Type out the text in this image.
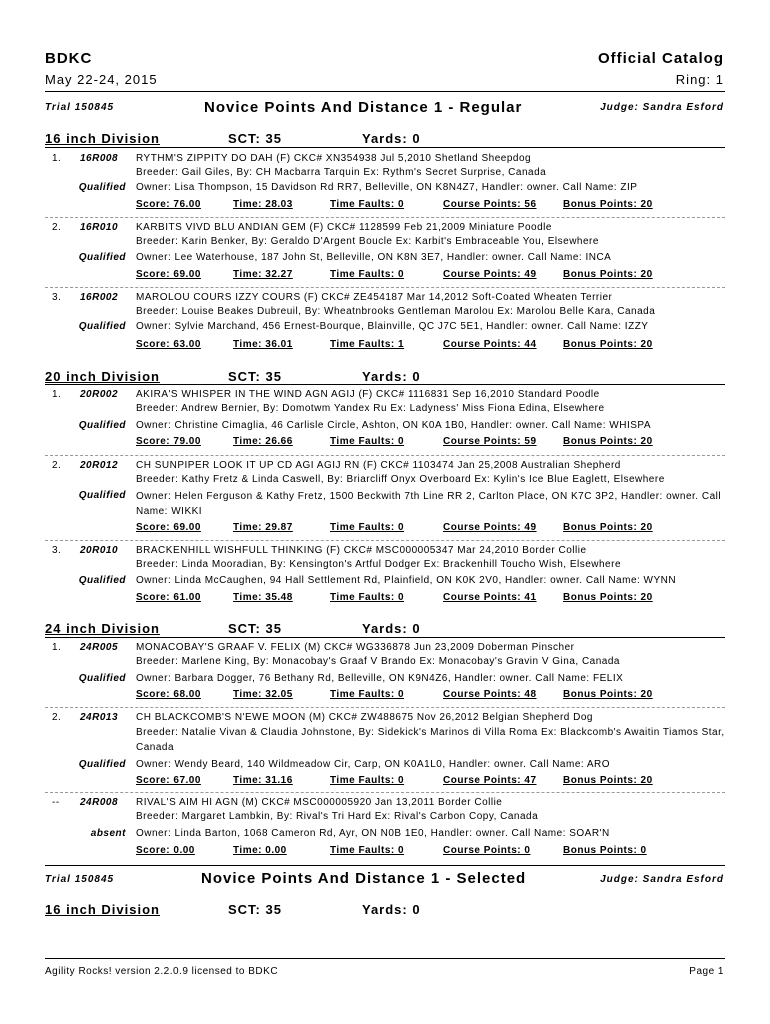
BDKC	Official Catalog
May 22-24, 2015	Ring: 1
Trial 150845	Novice Points And Distance 1 - Regular	Judge: Sandra Esford
16 inch Division	SCT: 35	Yards: 0
1.	16R008 RYTHM'S ZIPPITY DO DAH (F) CKC# XN354938 Jul 5,2010 Shetland Sheepdog
Breeder: Gail Giles, By: CH Macbarra Tarquin Ex: Rythm's Secret Surprise, Canada
Qualified Owner: Lisa Thompson, 15 Davidson Rd RR7, Belleville, ON K8N4Z7, Handler: owner. Call Name: ZIP
Score: 76.00	Time: 28.03	Time Faults: 0	Course Points: 56	Bonus Points: 20
2.	16R010 KARBITS VIVD BLU ANDIAN GEM (F) CKC# 1128599 Feb 21,2009 Miniature Poodle
Breeder: Karin Benker, By: Geraldo D'Argent Boucle Ex: Karbit's Embraceable You, Elsewhere
Qualified Owner: Lee Waterhouse, 187 John St, Belleville, ON K8N 3E7, Handler: owner. Call Name: INCA
Score: 69.00	Time: 32.27	Time Faults: 0	Course Points: 49	Bonus Points: 20
3.	16R002 MAROLOU COURS IZZY COURS (F) CKC# ZE454187 Mar 14,2012 Soft-Coated Wheaten Terrier
Breeder: Louise Beakes Dubreuil, By: Wheatnbrooks Gentleman Marolou Ex: Marolou Belle Kara, Canada
Qualified Owner: Sylvie Marchand, 456 Ernest-Bourque, Blainville, QC J7C 5E1, Handler: owner. Call Name: IZZY
Score: 63.00	Time: 36.01	Time Faults: 1	Course Points: 44	Bonus Points: 20
20 inch Division	SCT: 35	Yards: 0
1.	20R002 AKIRA'S WHISPER IN THE WIND AGN AGIJ (F) CKC# 1116831 Sep 16,2010 Standard Poodle
Breeder: Andrew Bernier, By: Domotwm Yandex Ru Ex: Ladyness' Miss Fiona Edina, Elsewhere
Qualified Owner: Christine Cimaglia, 46 Carlisle Circle, Ashton, ON K0A 1B0, Handler: owner. Call Name: WHISPA
Score: 79.00	Time: 26.66	Time Faults: 0	Course Points: 59	Bonus Points: 20
2.	20R012 CH SUNPIPER LOOK IT UP CD AGI AGIJ RN (F) CKC# 1103474 Jan 25,2008 Australian Shepherd
Breeder: Kathy Fretz & Linda Caswell, By: Briarcliff Onyx Overboard Ex: Kylin's Ice Blue Eaglett, Elsewhere
Qualified Owner: Helen Ferguson & Kathy Fretz, 1500 Beckwith 7th Line RR 2, Carlton Place, ON K7C 3P2, Handler: owner. Call Name: WIKKI
Score: 69.00	Time: 29.87	Time Faults: 0	Course Points: 49	Bonus Points: 20
3.	20R010 BRACKENHILL WISHFULL THINKING (F) CKC# MSC000005347 Mar 24,2010 Border Collie
Breeder: Linda Mooradian, By: Kensington's Artful Dodger Ex: Brackenhill Toucho Wish, Elsewhere
Qualified Owner: Linda McCaughen, 94 Hall Settlement Rd, Plainfield, ON K0K 2V0, Handler: owner. Call Name: WYNN
Score: 61.00	Time: 35.48	Time Faults: 0	Course Points: 41	Bonus Points: 20
24 inch Division	SCT: 35	Yards: 0
1.	24R005 MONACOBAY'S GRAAF V. FELIX (M) CKC# WG336878 Jun 23,2009 Doberman Pinscher
Breeder: Marlene King, By: Monacobay's Graaf V Brando Ex: Monacobay's Gravin V Gina, Canada
Qualified Owner: Barbara Dogger, 76 Bethany Rd, Belleville, ON K9N4Z6, Handler: owner. Call Name: FELIX
Score: 68.00	Time: 32.05	Time Faults: 0	Course Points: 48	Bonus Points: 20
2.	24R013 CH BLACKCOMB'S N'EWE MOON (M) CKC# ZW488675 Nov 26,2012 Belgian Shepherd Dog
Breeder: Natalie Vivan & Claudia Johnstone, By: Sidekick's Marinos di Villa Roma Ex: Blackcomb's Awaitin Tiamos Star, Canada
Qualified Owner: Wendy Beard, 140 Wildmeadow Cir, Carp, ON K0A1L0, Handler: owner. Call Name: ARO
Score: 67.00	Time: 31.16	Time Faults: 0	Course Points: 47	Bonus Points: 20
--	24R008 RIVAL'S AIM HI AGN (M) CKC# MSC000005920 Jan 13,2011 Border Collie
Breeder: Margaret Lambkin, By: Rival's Tri Hard Ex: Rival's Carbon Copy, Canada
absent Owner: Linda Barton, 1068 Cameron Rd, Ayr, ON N0B 1E0, Handler: owner. Call Name: SOAR'N
Score: 0.00	Time: 0.00	Time Faults: 0	Course Points: 0	Bonus Points: 0
Trial 150845	Novice Points And Distance 1 - Selected	Judge: Sandra Esford
16 inch Division	SCT: 35	Yards: 0
Agility Rocks! version 2.2.0.9 licensed to BDKC	Page 1
